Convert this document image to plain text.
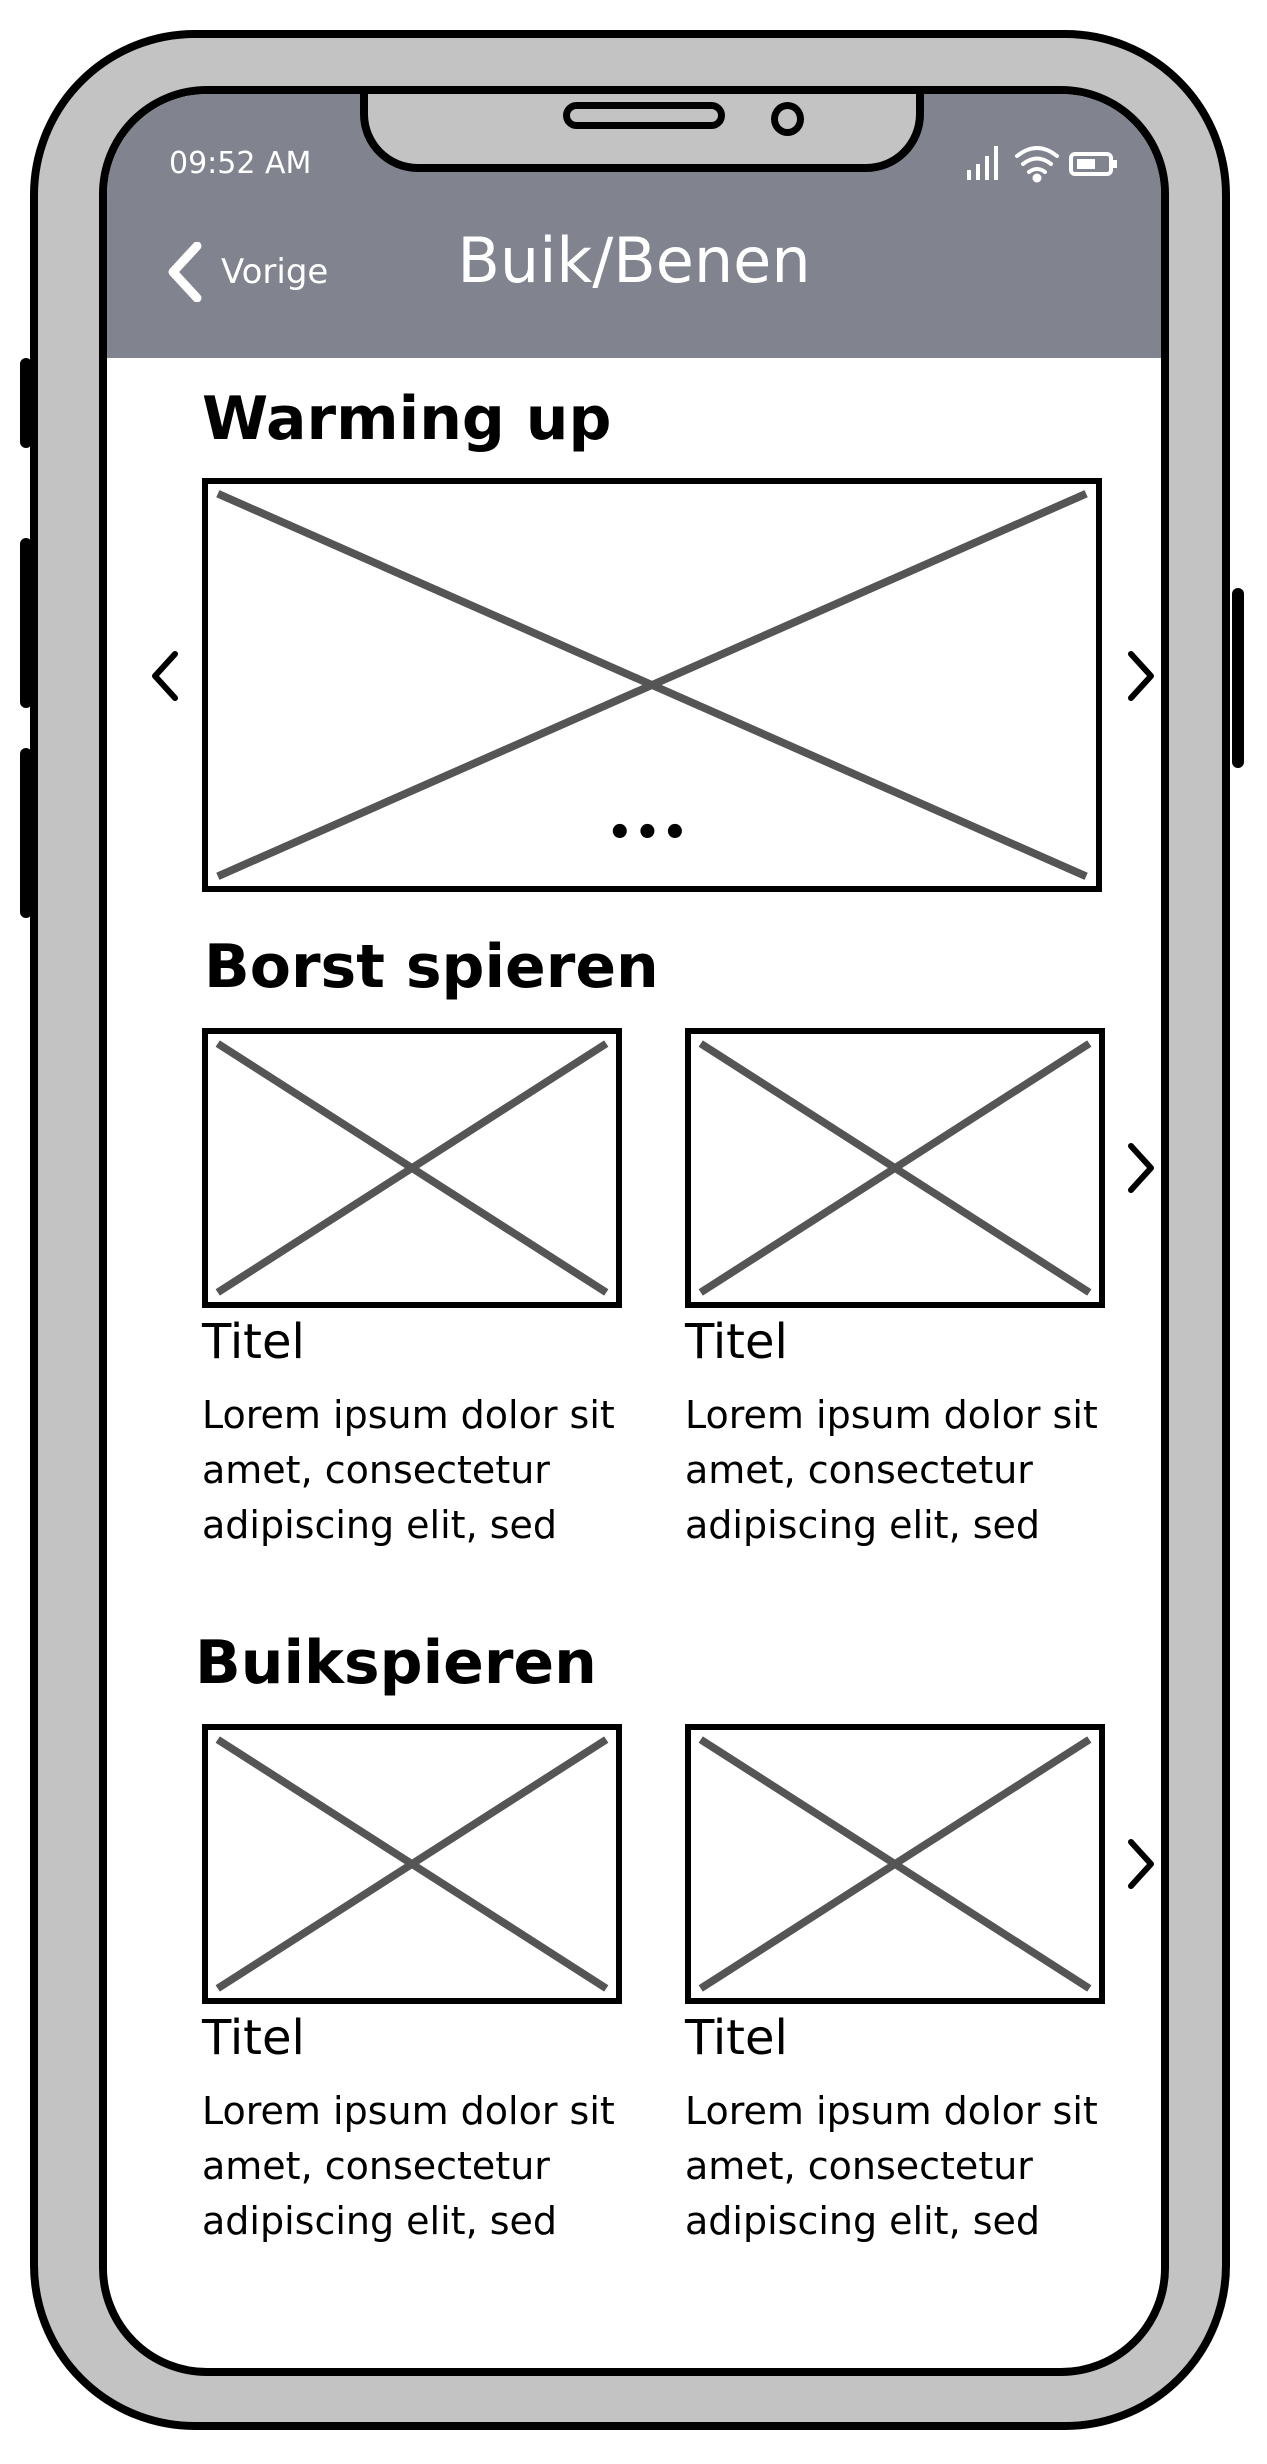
09:52 AM
Vorige	Buik/Benen
Warming up
•••
Borst spieren
Titel
Lorem ipsum dolor sit amet, consectetur adipiscing elit, sed
Titel
Lorem ipsum dolor sit amet, consectetur adipiscing elit, sed
Buikspieren
Titel
Lorem ipsum dolor sit amet, consectetur adipiscing elit, sed
Titel
Lorem ipsum dolor sit amet, consectetur adipiscing elit, sed
